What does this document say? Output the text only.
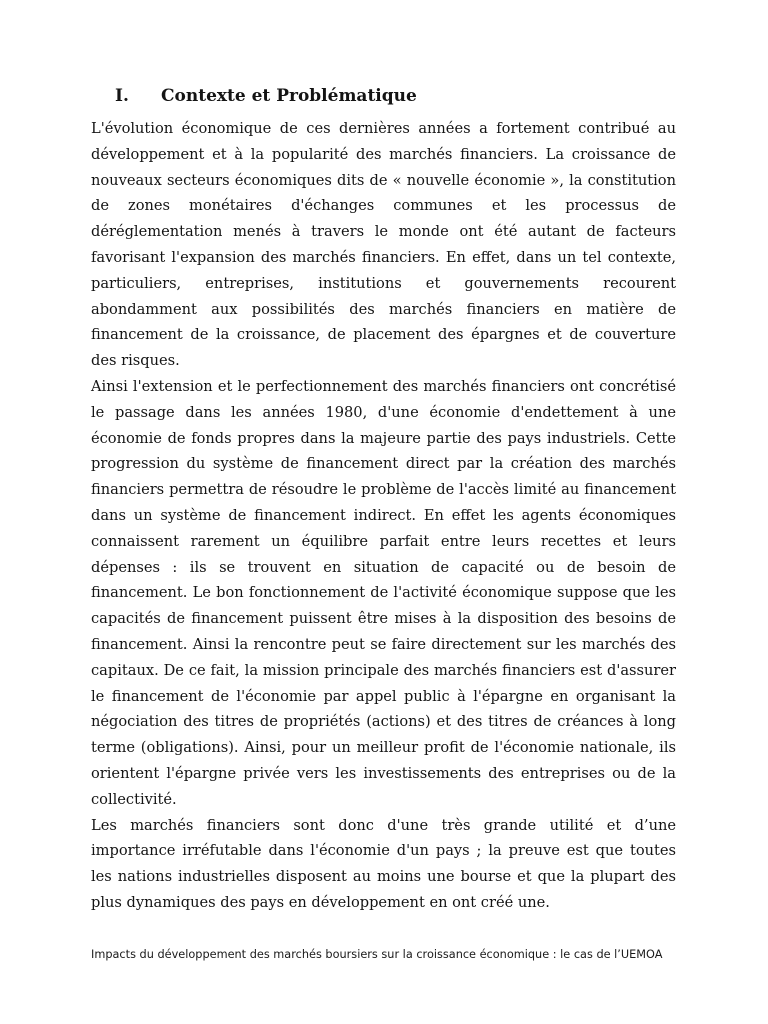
I. Contexte et Problématique

L'évolution économique de ces dernières années a fortement contribué au développement et à la popularité des marchés financiers. La croissance de nouveaux secteurs économiques dits de « nouvelle économie », la constitution de zones monétaires d'échanges communes et les processus de déréglementation menés à travers le monde ont été autant de facteurs favorisant l'expansion des marchés financiers. En effet, dans un tel contexte, particuliers, entreprises, institutions et gouvernements recourent abondamment aux possibilités des marchés financiers en matière de financement de la croissance, de placement des épargnes et de couverture des risques.

Ainsi l'extension et le perfectionnement des marchés financiers ont concrétisé le passage dans les années 1980, d'une économie d'endettement à une économie de fonds propres dans la majeure partie des pays industriels. Cette progression du système de financement direct par la création des marchés financiers permettra de résoudre le problème de l'accès limité au financement dans un système de financement indirect. En effet les agents économiques connaissent rarement un équilibre parfait entre leurs recettes et leurs dépenses : ils se trouvent en situation de capacité ou de besoin de financement. Le bon fonctionnement de l'activité économique suppose que les capacités de financement puissent être mises à la disposition des besoins de financement. Ainsi la rencontre peut se faire directement sur les marchés des capitaux. De ce fait, la mission principale des marchés financiers est d'assurer le financement de l'économie par appel public à l'épargne en organisant la négociation des titres de propriétés (actions) et des titres de créances à long terme (obligations). Ainsi, pour un meilleur profit de l'économie nationale, ils orientent l'épargne privée vers les investissements des entreprises ou de la collectivité.

Les marchés financiers sont donc d'une très grande utilité et d’une importance irréfutable dans l'économie d'un pays ; la preuve est que toutes les nations industrielles disposent au moins une bourse et que la plupart des plus dynamiques des pays en développement en ont créé une.

Impacts du développement des marchés boursiers sur la croissance économique : le cas de l’UEMOA
